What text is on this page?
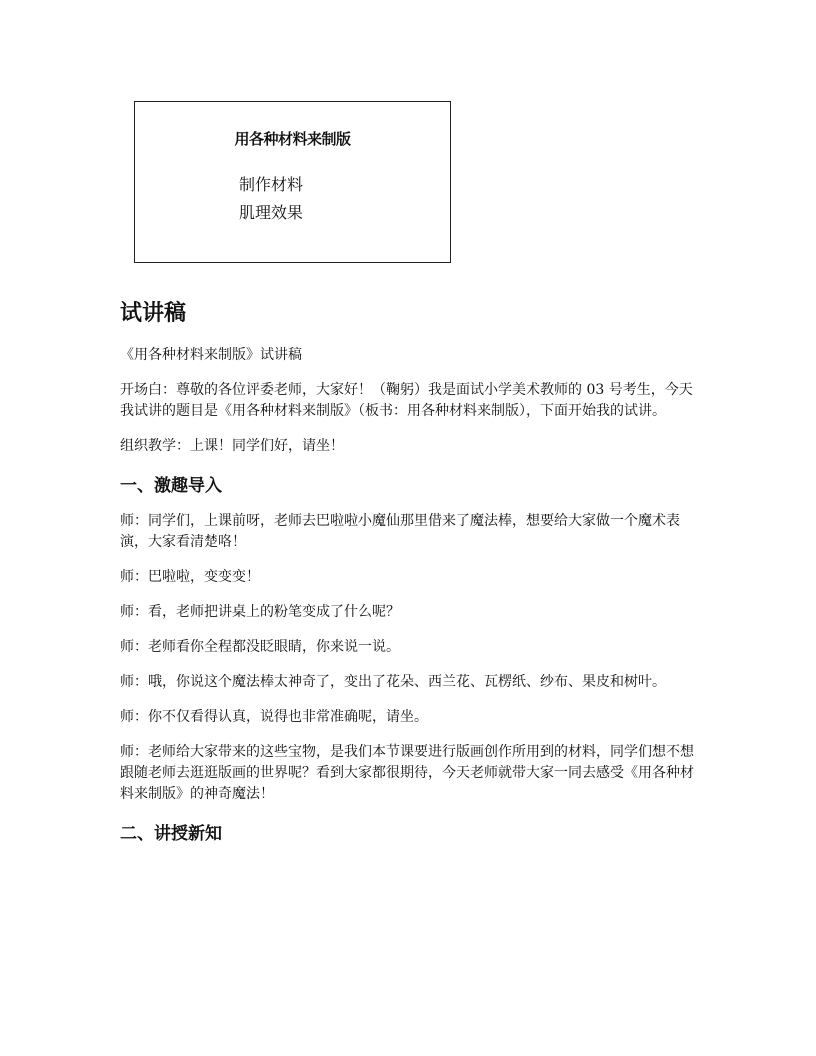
用各种材料来制版
制作材料
肌理效果
试讲稿

《用各种材料来制版》试讲稿

开场白：尊敬的各位评委老师，大家好！（鞠躬）我是面试小学美术教师的 03 号考生，今天我试讲的题目是《用各种材料来制版》（板书：用各种材料来制版），下面开始我的试讲。

组织教学：上课！同学们好，请坐！

一、激趣导入

师：同学们，上课前呀，老师去巴啦啦小魔仙那里借来了魔法棒，想要给大家做一个魔术表演，大家看清楚咯！

师：巴啦啦，变变变！

师：看，老师把讲桌上的粉笔变成了什么呢？

师：老师看你全程都没眨眼睛，你来说一说。

师：哦，你说这个魔法棒太神奇了，变出了花朵、西兰花、瓦楞纸、纱布、果皮和树叶。

师：你不仅看得认真，说得也非常准确呢，请坐。

师：老师给大家带来的这些宝物，是我们本节课要进行版画创作所用到的材料，同学们想不想跟随老师去逛逛版画的世界呢？看到大家都很期待，今天老师就带大家一同去感受《用各种材料来制版》的神奇魔法！

二、讲授新知
